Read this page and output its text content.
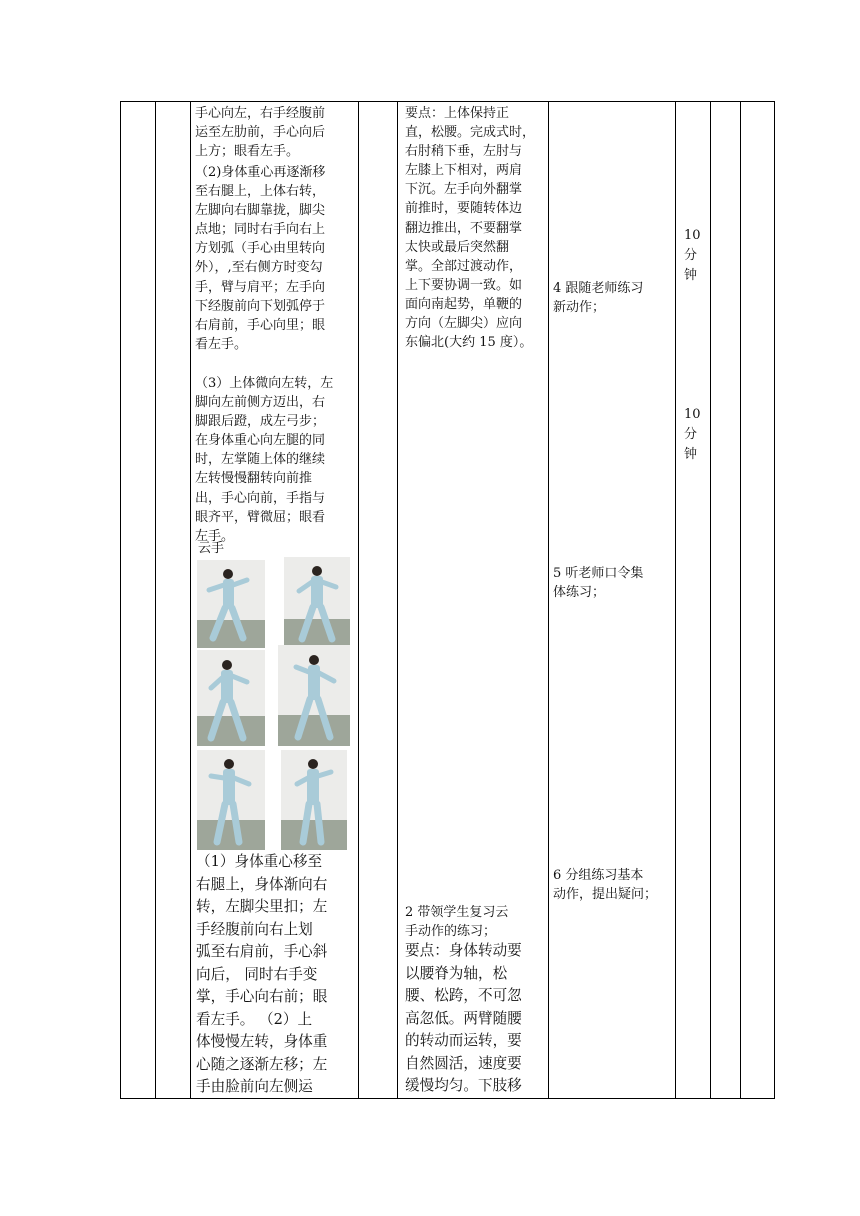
手心向左，右手经腹前
运至左肋前，手心向后
上方；眼看左手。

（2)身体重心再逐渐移
至右腿上，上体右转，
左脚向右脚靠拢，脚尖
点地；同时右手向右上
方划弧（手心由里转向
外），,至右侧方时变勾
手，臂与肩平；左手向
下经腹前向下划弧停于
右肩前，手心向里；眼
看左手。

（3）上体微向左转，左
脚向左前侧方迈出，右
脚跟后蹬，成左弓步；
在身体重心向左腿的同
时，左掌随上体的继续
左转慢慢翻转向前推
出，手心向前，手指与
眼齐平，臂微屈；眼看
左手。

云手

（1）身体重心移至
右腿上，身体渐向右
转，左脚尖里扣；左
手经腹前向右上划
弧至右肩前，手心斜
向后， 同时右手变
掌，手心向右前；眼
看左手。 （2）上
体慢慢左转，身体重
心随之逐渐左移；左
手由脸前向左侧运

要点：上体保持正
直，松腰。完成式时，
右肘稍下垂，左肘与
左膝上下相对，两肩
下沉。左手向外翻掌
前推时，要随转体边
翻边推出，不要翻掌
太快或最后突然翻
掌。全部过渡动作，
上下要协调一致。如
面向南起势，单鞭的
方向（左脚尖）应向
东偏北(大约 15 度）。

2 带领学生复习云
手动作的练习；

要点：身体转动要
以腰脊为轴，松
腰、松跨，不可忽
高忽低。两臂随腰
的转动而运转，要
自然圆活，速度要
缓慢均匀。下肢移

4 跟随老师练习
新动作；

5 听老师口令集
体练习；

6 分组练习基本
动作，提出疑问；

10
分
钟

10
分
钟
